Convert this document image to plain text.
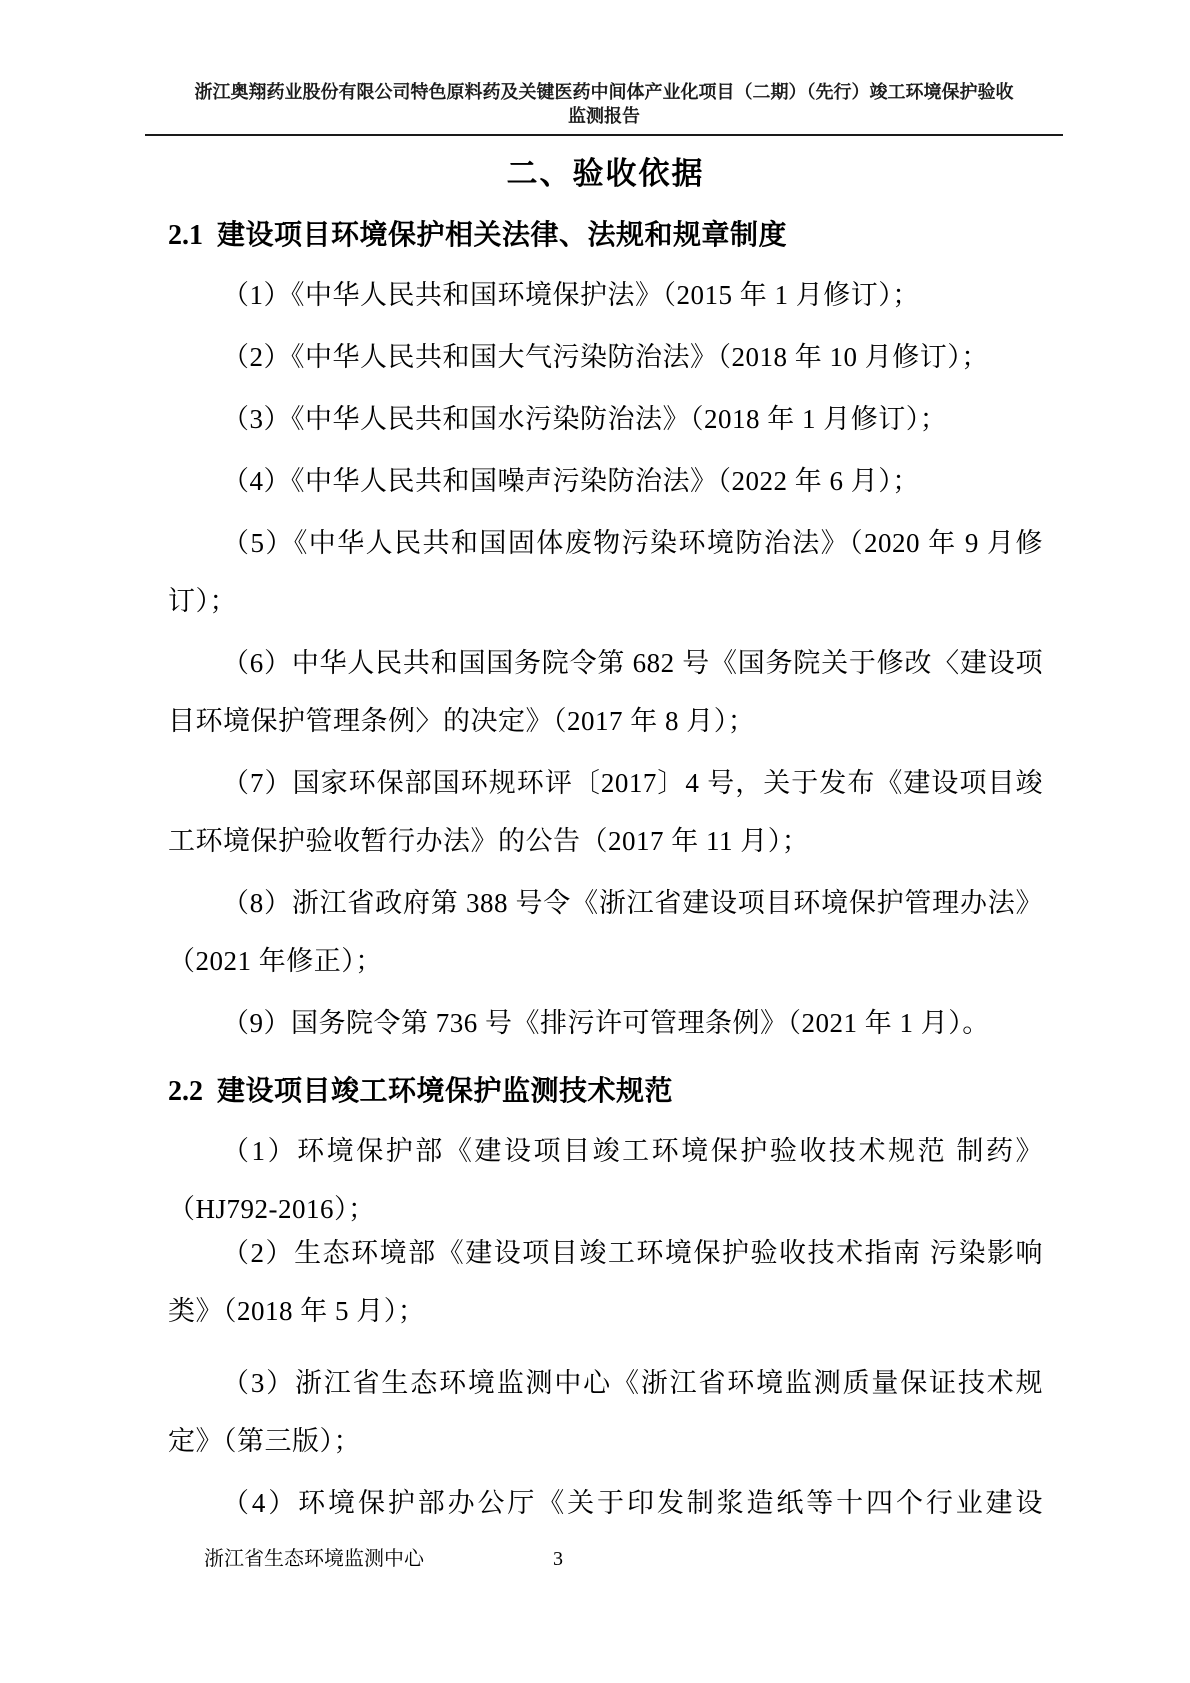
浙江奥翔药业股份有限公司特色原料药及关键医药中间体产业化项目（二期）（先行）竣工环境保护验收
监测报告
二、验收依据
2.1 建设项目环境保护相关法律、法规和规章制度

（1）《中华人民共和国环境保护法》（2015 年 1 月修订）；

（2）《中华人民共和国大气污染防治法》（2018 年 10 月修订）；

（3）《中华人民共和国水污染防治法》（2018 年 1 月修订）；

（4）《中华人民共和国噪声污染防治法》（2022 年 6 月）；

（5）《中华人民共和国固体废物污染环境防治法》（2020 年 9 月修订）；

（6）中华人民共和国国务院令第 682 号《国务院关于修改〈建设项目环境保护管理条例〉的决定》（2017 年 8 月）；

（7）国家环保部国环规环评〔2017〕4 号，关于发布《建设项目竣工环境保护验收暂行办法》的公告（2017 年 11 月）；

（8）浙江省政府第 388 号令《浙江省建设项目环境保护管理办法》（2021 年修正）；

（9）国务院令第 736 号《排污许可管理条例》（2021 年 1 月）。

2.2 建设项目竣工环境保护监测技术规范

（1）环境保护部《建设项目竣工环境保护验收技术规范 制药》（HJ792-2016）；

（2）生态环境部《建设项目竣工环境保护验收技术指南 污染影响类》（2018 年 5 月）；

（3）浙江省生态环境监测中心《浙江省环境监测质量保证技术规定》（第三版）；

（4）环境保护部办公厅《关于印发制浆造纸等十四个行业建设

浙江省生态环境监测中心	3
